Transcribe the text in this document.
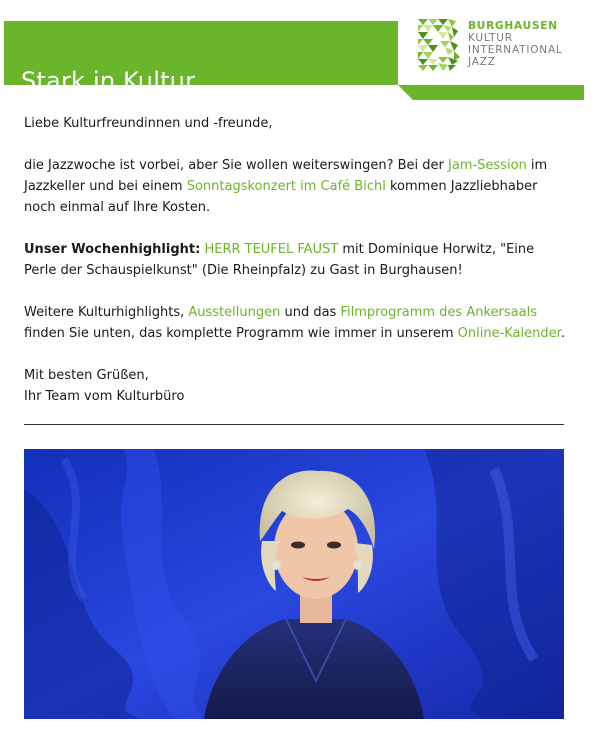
Stark in Kultur
BURGHAUSEN
KULTUR
INTERNATIONAL
JAZZ

Liebe Kulturfreundinnen und -freunde,

die Jazzwoche ist vorbei, aber Sie wollen weiterswingen? Bei der Jam-Session im Jazzkeller und bei einem Sonntagskonzert im Café Bichl kommen Jazzliebhaber noch einmal auf Ihre Kosten.

Unser Wochenhighlight: HERR TEUFEL FAUST mit Dominique Horwitz, "Eine Perle der Schauspielkunst" (Die Rheinpfalz) zu Gast in Burghausen!

Weitere Kulturhighlights, Ausstellungen und das Filmprogramm des Ankersaals finden Sie unten, das komplette Programm wie immer in unserem Online-Kalender.

Mit besten Grüßen,
Ihr Team vom Kulturbüro
